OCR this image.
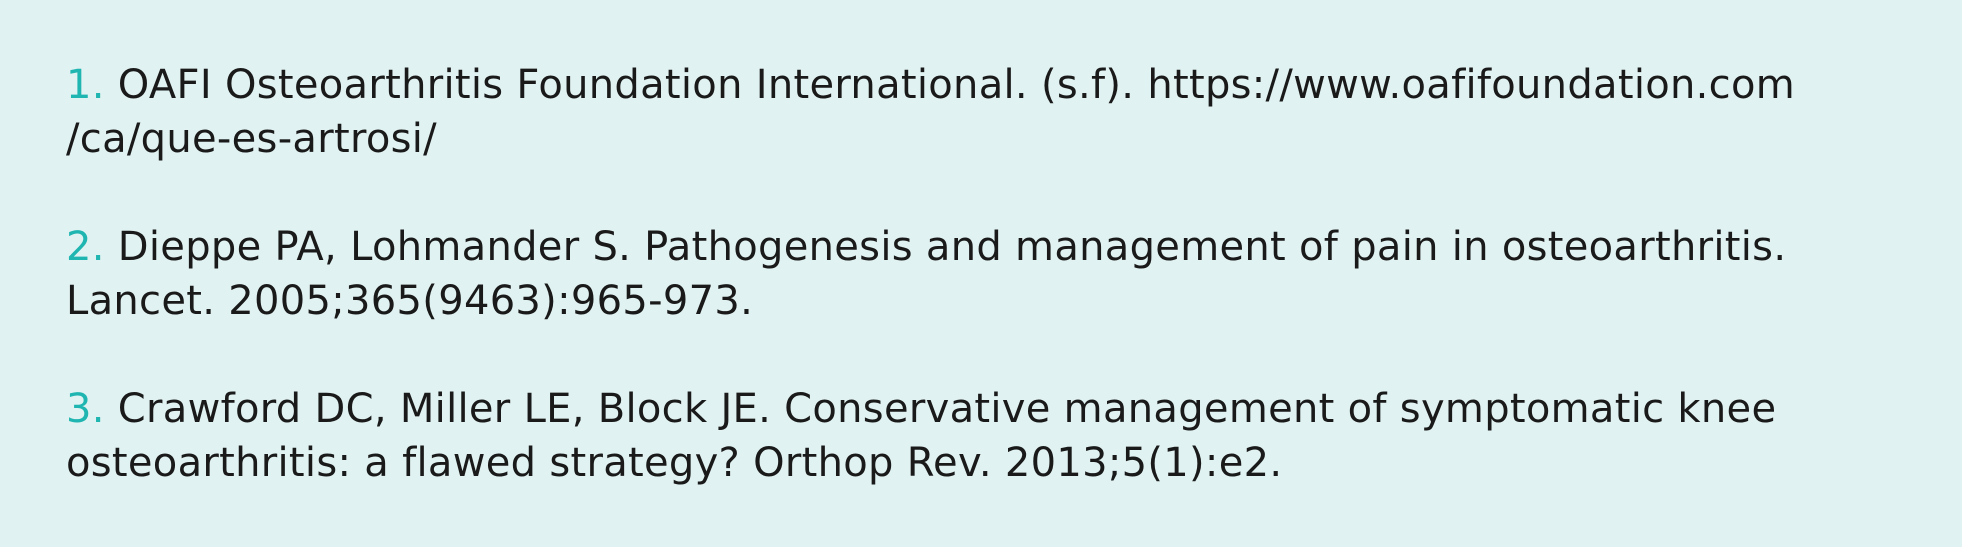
1. OAFI Osteoarthritis Foundation International. (s.f). https://www.oafifoundation.com
/ca/que-es-artrosi/

2. Dieppe PA, Lohmander S. Pathogenesis and management of pain in osteoarthritis.
Lancet. 2005;365(9463):965-973.

3. Crawford DC, Miller LE, Block JE. Conservative management of symptomatic knee
osteoarthritis: a flawed strategy? Orthop Rev. 2013;5(1):e2.
